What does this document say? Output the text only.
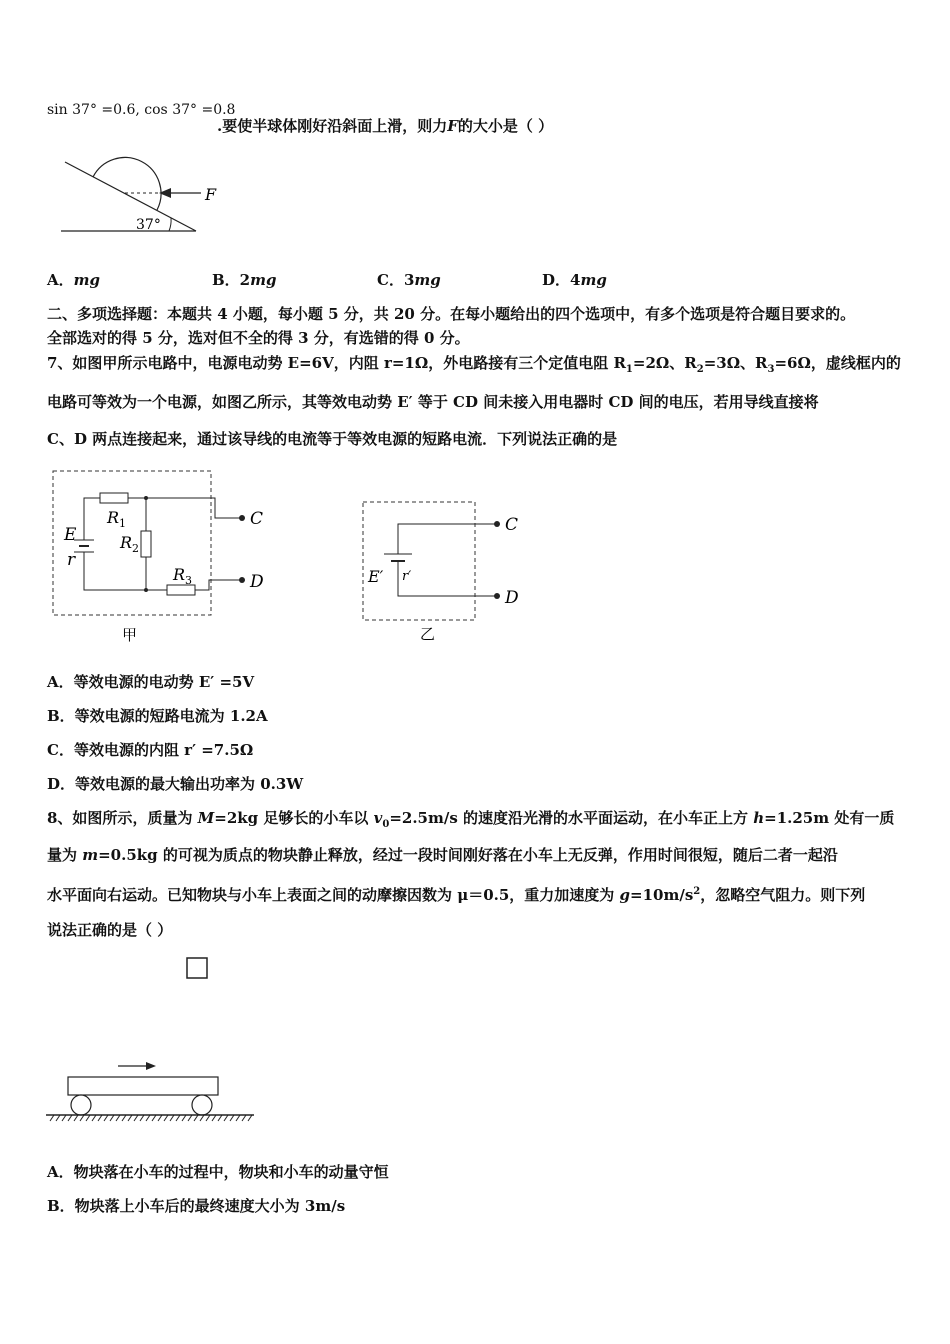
sin 37° =0.6, cos 37° =0.8
.要使半球体刚好沿斜面上滑，则力F的大小是（ ）
F
37°
A．mg	B．2mg	C．3mg	D．4mg
二、多项选择题：本题共 4 小题，每小题 5 分，共 20 分。在每小题给出的四个选项中，有多个选项是符合题目要求的。
全部选对的得 5 分，选对但不全的得 3 分，有选错的得 0 分。
7、如图甲所示电路中，电源电动势 E=6V，内阻 r=1Ω，外电路接有三个定值电阻 $R_1=2\Omega$、$R_2=3\Omega$、$R_3=6\Omega$，虚线框内的
电路可等效为一个电源，如图乙所示，其等效电动势 E′ 等于 CD 间未接入用电器时 CD 间的电压，若用导线直接将
C、D 两点连接起来，通过该导线的电流等于等效电源的短路电流．下列说法正确的是
E
r
$R_1$
$R_2$
$R_3$
C
D
甲
E′ r′
C
D
乙
A．等效电源的电动势 E′ =5V
B．等效电源的短路电流为 1.2A
C．等效电源的内阻 r′ =7.5Ω
D．等效电源的最大输出功率为 0.3W
8、如图所示，质量为 M=2kg 足够长的小车以 $v_0=2.5m/s$ 的速度沿光滑的水平面运动，在小车正上方 h=1.25m 处有一质
量为 m=0.5kg 的可视为质点的物块静止释放，经过一段时间刚好落在小车上无反弹，作用时间很短，随后二者一起沿
水平面向右运动。已知物块与小车上表面之间的动摩擦因数为 μ＝0.5，重力加速度为 $g=10m/s^2$，忽略空气阻力。则下列
说法正确的是（ ）
A．物块落在小车的过程中，物块和小车的动量守恒
B．物块落上小车后的最终速度大小为 3m/s
